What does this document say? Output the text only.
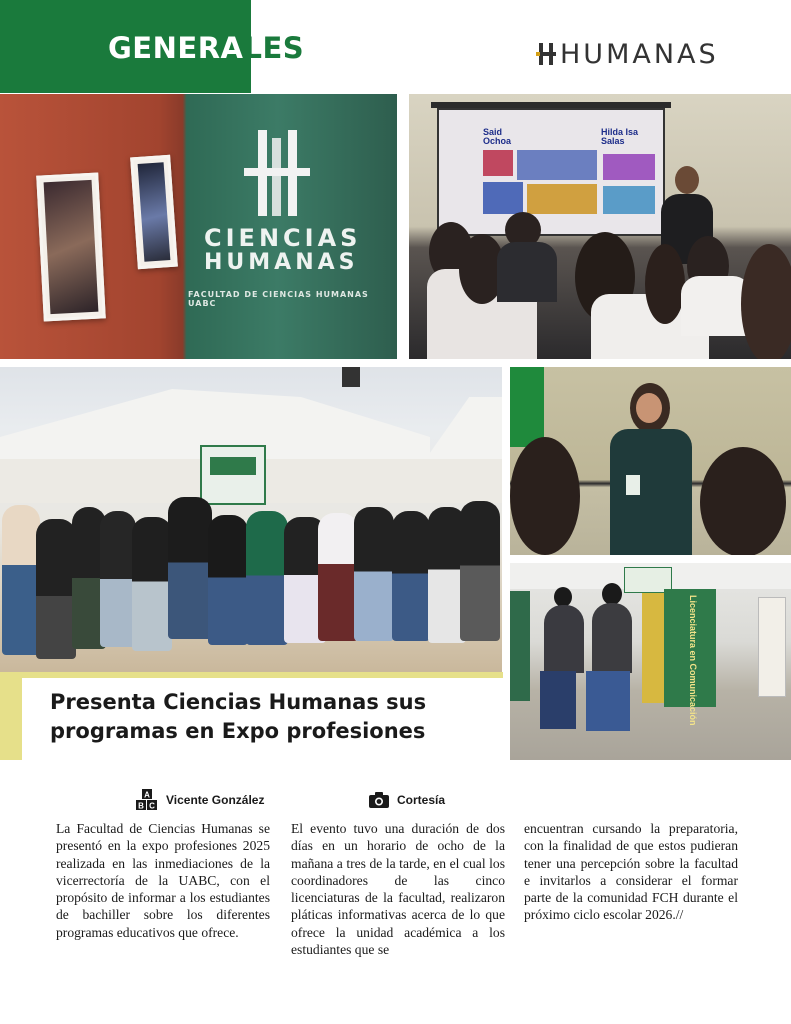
GENERALES	HUMANAS
CIENCIAS
HUMANAS
FACULTAD DE CIENCIAS HUMANAS UABC
Said Ochoa
Hilda Isa Salas
Licenciatura en Comunicación
Presenta Ciencias Humanas sus programas en Expo profesiones
A
B C Vicente González	Cortesía

La Facultad de Ciencias Humanas se presentó en la expo profesiones 2025 realizada en las inmediaciones de la vicerrectoría de la UABC, con el propósito de informar a los estudiantes de bachiller sobre los diferentes programas educativos que ofrece.

El evento tuvo una duración de dos días en un horario de ocho de la mañana a tres de la tarde, en el cual los coordinadores de las cinco licenciaturas de la facultad, realizaron pláticas informativas acerca de lo que ofrece la unidad académica a los estudiantes que se

encuentran cursando la preparatoria, con la finalidad de que estos pudieran tener una percepción sobre la facultad e invitarlos a considerar el formar parte de la comunidad FCH durante el próximo ciclo escolar 2026.//
